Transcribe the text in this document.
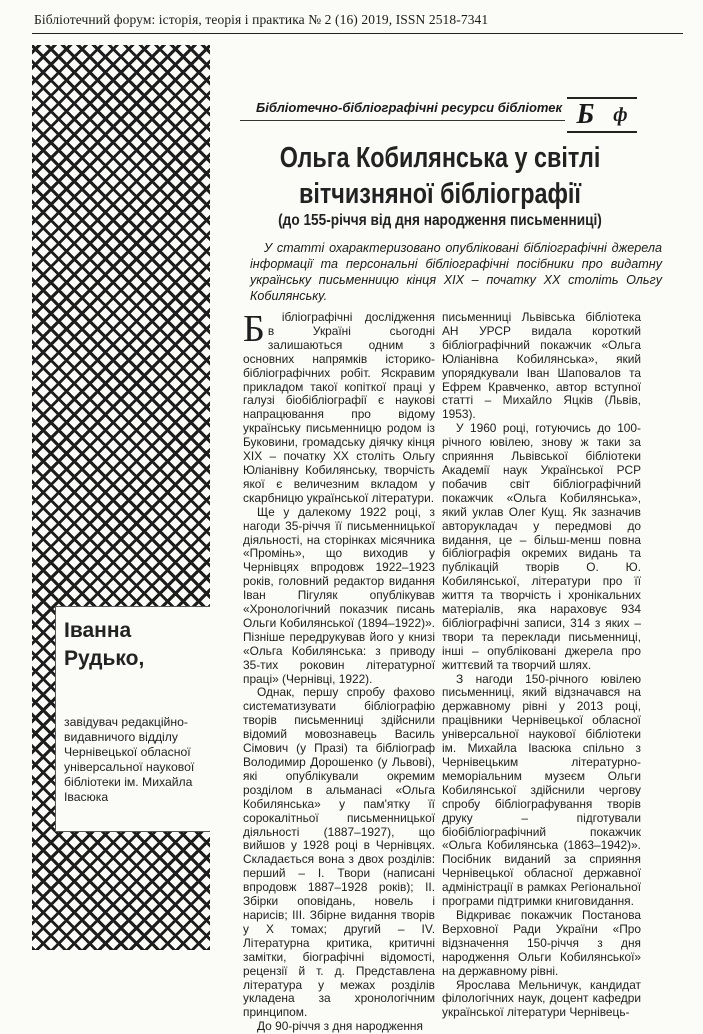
Бібліотечний форум: історія, теорія і практика № 2 (16) 2019, ISSN 2518-7341
Іванна
Рудько,
завідувач редакційно-видавничого відділу Чернівецької обласної універсальної наукової бібліотеки ім. Михайла Івасюка
Бібліотечно-бібліографічні ресурси бібліотек Б ф
Ольга Кобилянська у світлі
вітчизняної бібліографії
(до 155-річчя від дня народження письменниці)
У статті охарактеризовано опубліковані бібліографічні джерела інформації та персональні бібліографічні посібники про видатну українську письменницю кінця ХІХ – початку ХХ століть Ольгу Кобилянську.

Б ібліографічні дослідження в Україні сьогодні залишаються одним з основних напрямків історико-бібліографічних робіт. Яскравим прикладом такої копіткої праці у галузі біобібліографії є наукові напрацювання про відому українську письменницю родом із Буковини, громадську діячку кінця ХІХ – початку ХХ століть Ольгу Юліанівну Кобилянську, творчість якої є величезним вкладом у скарбницю української літератури.

Ще у далекому 1922 році, з нагоди 35-річчя її письменницької діяльності, на сторінках місячника «Промінь», що виходив у Чернівцях впродовж 1922–1923 років, головний редактор видання Іван Пігуляк опублікував «Хронологічний показчик писань Ольги Кобилянської (1894–1922)». Пізніше передрукував його у книзі «Ольга Кобилянська: з приводу 35-тих роковин літературної праці» (Чернівці, 1922).

Однак, першу спробу фахово систематизувати бібліографію творів письменниці здійснили відомий мовознавець Василь Сімович (у Празі) та бібліограф Володимир Дорошенко (у Львові), які опублікували окремим розділом в альманасі «Ольга Кобилянська» у пам'ятку її сорокалітньої письменницької діяльності (1887–1927), що вийшов у 1928 році в Чернівцях. Складається вона з двох розділів: перший – І. Твори (написані впродовж 1887–1928 років); ІІ. Збірки оповідань, новель і нарисів; ІІІ. Збірне видання творів у Х томах; другий – IV. Літературна критика, критичні замітки, біографічні відомості, рецензії й т. д. Представлена література у межах розділів укладена за хронологічним принципом.

До 90-річчя з дня народження

письменниці Львівська бібліотека АН УРСР видала короткий бібліографічний покажчик «Ольга Юліанівна Кобилянська», який упорядкували Іван Шаповалов та Ефрем Кравченко, автор вступної статті – Михайло Яцків (Львів, 1953).

У 1960 році, готуючись до 100-річного ювілею, знову ж таки за сприяння Львівської бібліотеки Академії наук Української РСР побачив світ бібліографічний покажчик «Ольга Кобилянська», який уклав Олег Кущ. Як зазначив авторукладач у передмові до видання, це – більш-менш повна бібліографія окремих видань та публікацій творів О. Ю. Кобилянської, літератури про її життя та творчість і хронікальних матеріалів, яка нараховує 934 бібліографічні записи, 314 з яких – твори та переклади письменниці, інші – опубліковані джерела про життєвий та творчий шлях.

З нагоди 150-річного ювілею письменниці, який відзначався на державному рівні у 2013 році, працівники Чернівецької обласної універсальної наукової бібліотеки ім. Михайла Івасюка спільно з Чернівецьким літературно-меморіальним музеєм Ольги Кобилянської здійснили чергову спробу бібліографування творів друку – підготували біобібліографічний покажчик «Ольга Кобилянська (1863–1942)». Посібник виданий за сприяння Чернівецької обласної державної адміністрації в рамках Регіональної програми підтримки книговидання.

Відкриває покажчик Постанова Верховної Ради України «Про відзначення 150-річчя з дня народження Ольги Кобилянської» на державному рівні.

Ярослава Мельничук, кандидат філологічних наук, доцент кафедри української літератури Чернівець-
